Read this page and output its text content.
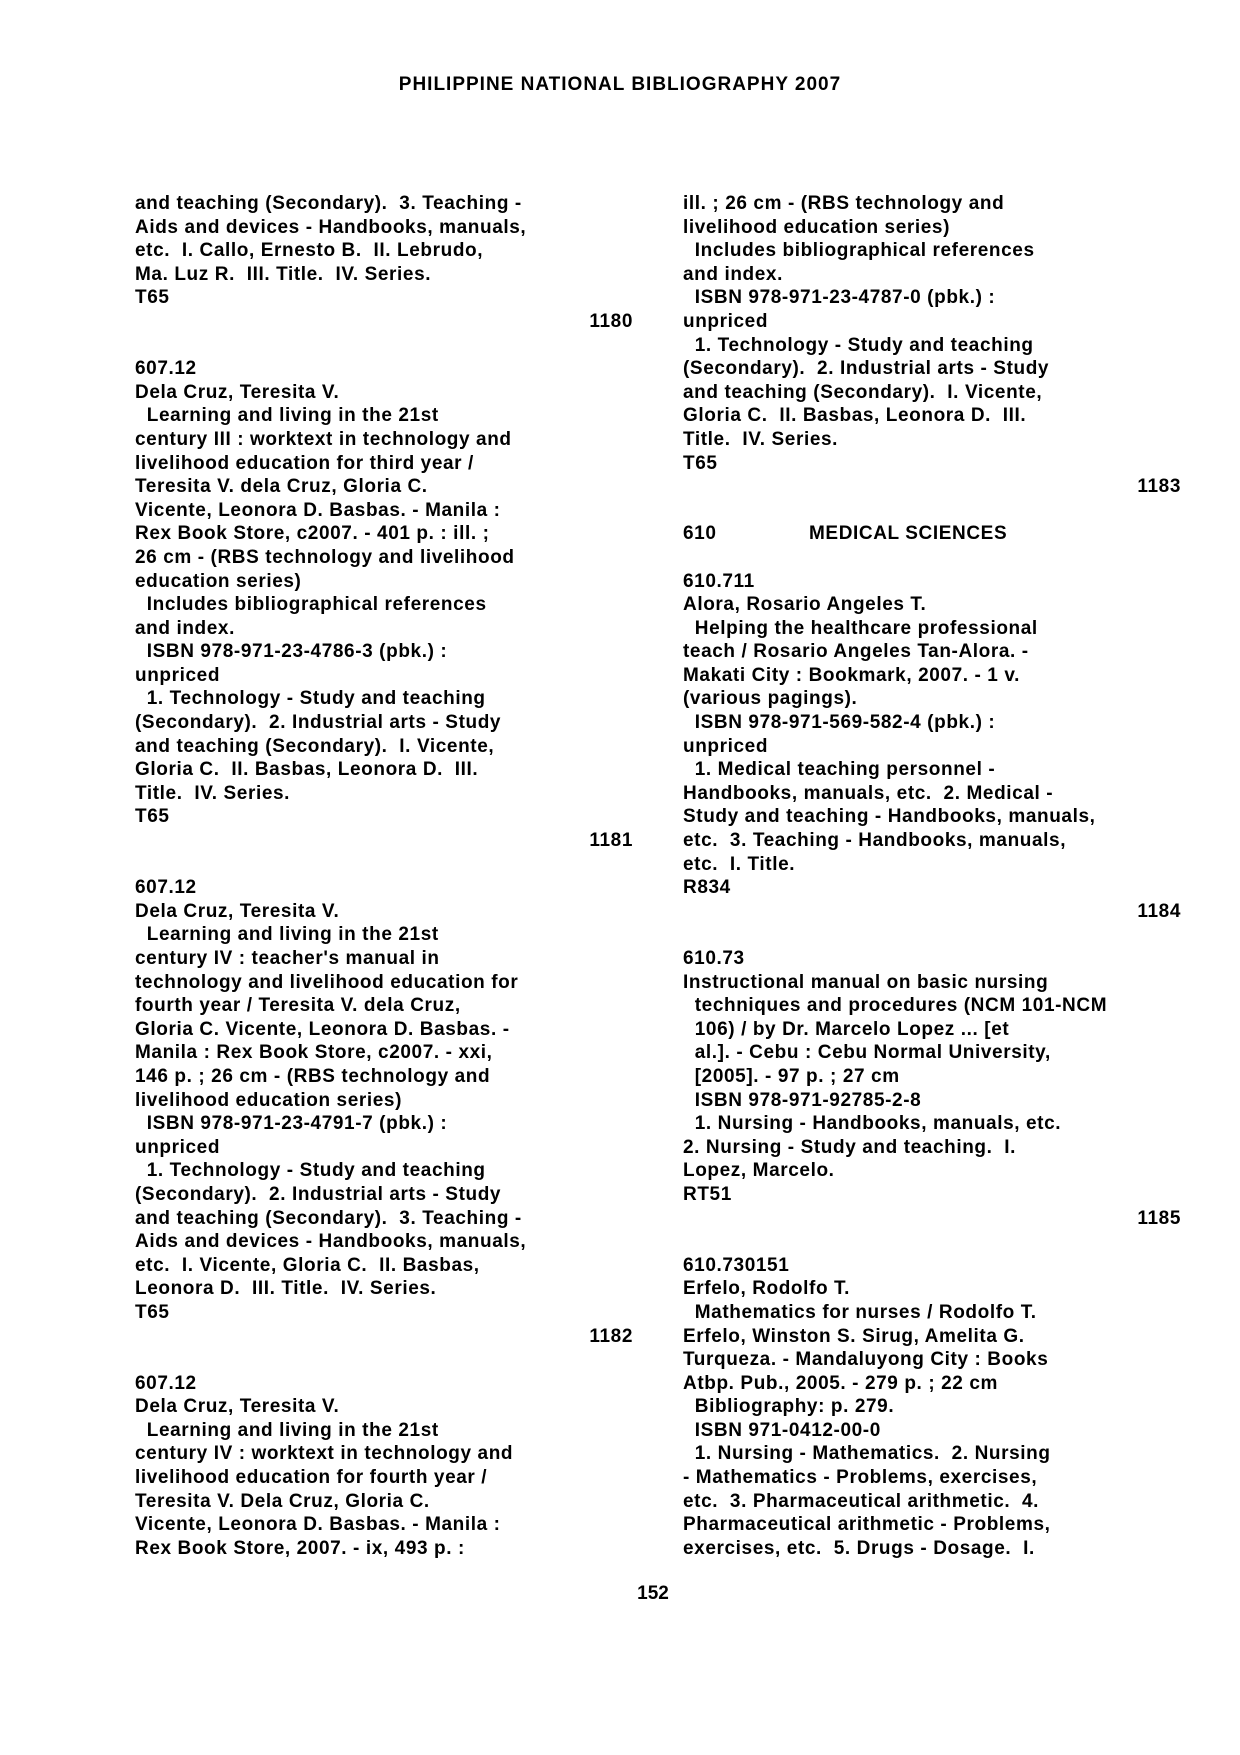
PHILIPPINE NATIONAL BIBLIOGRAPHY 2007
and teaching (Secondary).  3. Teaching -
Aids and devices - Handbooks, manuals,
etc.  I. Callo, Ernesto B.  II. Lebrudo,
Ma. Luz R.  III. Title.  IV. Series.
T65
1180
607.12
Dela Cruz, Teresita V.
Learning and living in the 21st
century III : worktext in technology and
livelihood education for third year /
Teresita V. dela Cruz, Gloria C.
Vicente, Leonora D. Basbas. - Manila :
Rex Book Store, c2007. - 401 p. : ill. ;
26 cm - (RBS technology and livelihood
education series)
Includes bibliographical references
and index.
ISBN 978-971-23-4786-3 (pbk.) :
unpriced
1. Technology - Study and teaching
(Secondary).  2. Industrial arts - Study
and teaching (Secondary).  I. Vicente,
Gloria C.  II. Basbas, Leonora D.  III.
Title.  IV. Series.
T65
1181
607.12
Dela Cruz, Teresita V.
Learning and living in the 21st
century IV : teacher's manual in
technology and livelihood education for
fourth year / Teresita V. dela Cruz,
Gloria C. Vicente, Leonora D. Basbas. -
Manila : Rex Book Store, c2007. - xxi,
146 p. ; 26 cm - (RBS technology and
livelihood education series)
ISBN 978-971-23-4791-7 (pbk.) :
unpriced
1. Technology - Study and teaching
(Secondary).  2. Industrial arts - Study
and teaching (Secondary).  3. Teaching -
Aids and devices - Handbooks, manuals,
etc.  I. Vicente, Gloria C.  II. Basbas,
Leonora D.  III. Title.  IV. Series.
T65
1182
607.12
Dela Cruz, Teresita V.
Learning and living in the 21st
century IV : worktext in technology and
livelihood education for fourth year /
Teresita V. Dela Cruz, Gloria C.
Vicente, Leonora D. Basbas. - Manila :
Rex Book Store, 2007. - ix, 493 p. :
ill. ; 26 cm - (RBS technology and
livelihood education series)
Includes bibliographical references
and index.
ISBN 978-971-23-4787-0 (pbk.) :
unpriced
1. Technology - Study and teaching
(Secondary).  2. Industrial arts - Study
and teaching (Secondary).  I. Vicente,
Gloria C.  II. Basbas, Leonora D.  III.
Title.  IV. Series.
T65
1183
610	MEDICAL SCIENCES
610.711
Alora, Rosario Angeles T.
Helping the healthcare professional
teach / Rosario Angeles Tan-Alora. -
Makati City : Bookmark, 2007. - 1 v.
(various pagings).
ISBN 978-971-569-582-4 (pbk.) :
unpriced
1. Medical teaching personnel -
Handbooks, manuals, etc.  2. Medical -
Study and teaching - Handbooks, manuals,
etc.  3. Teaching - Handbooks, manuals,
etc.  I. Title.
R834
1184
610.73
Instructional manual on basic nursing
techniques and procedures (NCM 101-NCM
106) / by Dr. Marcelo Lopez ... [et
al.]. - Cebu : Cebu Normal University,
[2005]. - 97 p. ; 27 cm
ISBN 978-971-92785-2-8
1. Nursing - Handbooks, manuals, etc.
2. Nursing - Study and teaching.  I.
Lopez, Marcelo.
RT51
1185
610.730151
Erfelo, Rodolfo T.
Mathematics for nurses / Rodolfo T.
Erfelo, Winston S. Sirug, Amelita G.
Turqueza. - Mandaluyong City : Books
Atbp. Pub., 2005. - 279 p. ; 22 cm
Bibliography: p. 279.
ISBN 971-0412-00-0
1. Nursing - Mathematics.  2. Nursing
- Mathematics - Problems, exercises,
etc.  3. Pharmaceutical arithmetic.  4.
Pharmaceutical arithmetic - Problems,
exercises, etc.  5. Drugs - Dosage.  I.
152
